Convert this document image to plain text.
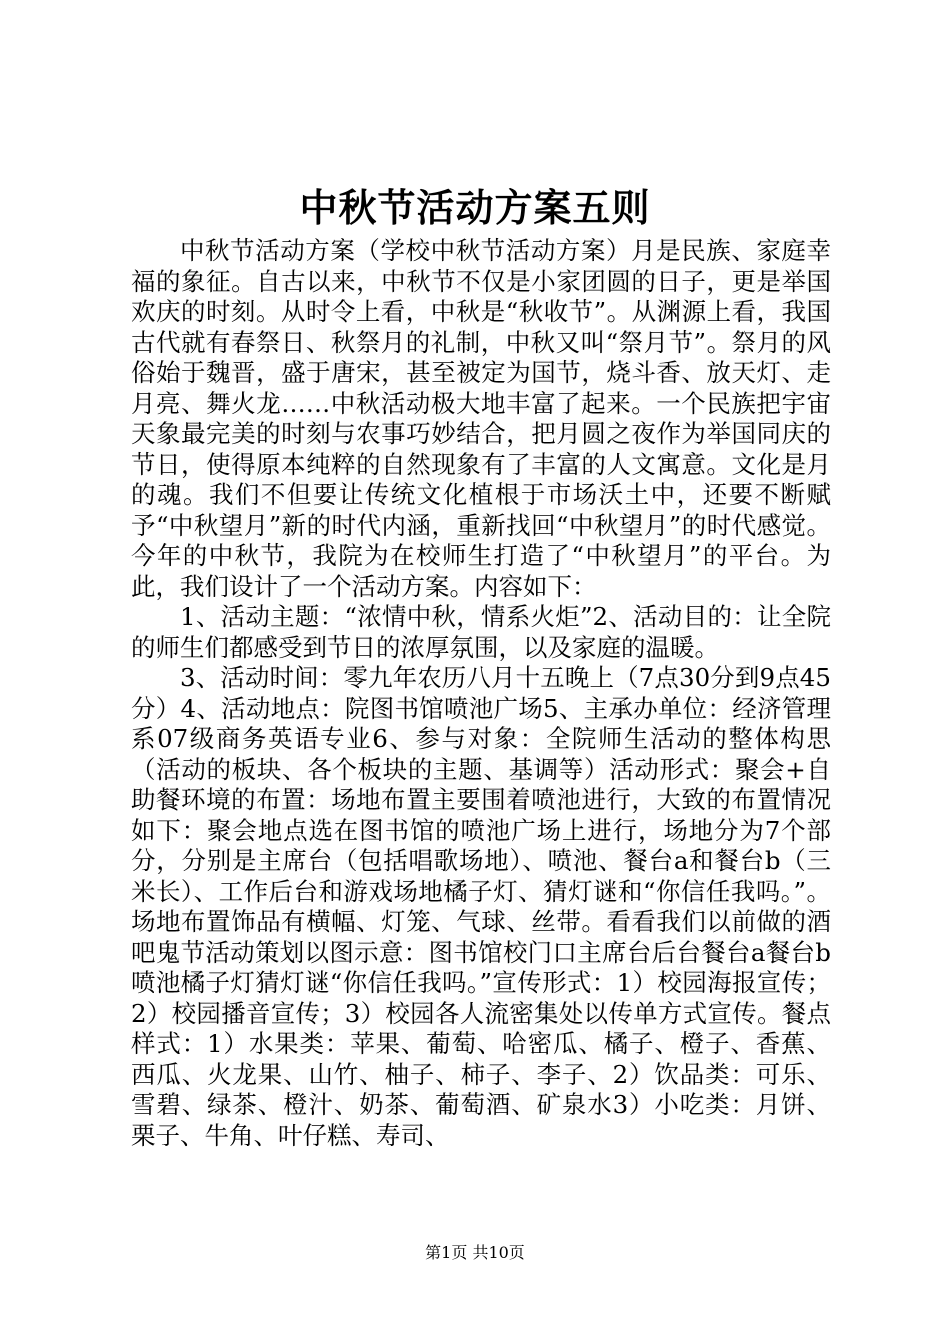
中秋节活动方案五则

中秋节活动方案（学校中秋节活动方案）月是民族、家庭幸福的象征。自古以来，中秋节不仅是小家团圆的日子，更是举国欢庆的时刻。从时令上看，中秋是“秋收节”。从渊源上看，我国古代就有春祭日、秋祭月的礼制，中秋又叫“祭月节”。祭月的风俗始于魏晋，盛于唐宋，甚至被定为国节，烧斗香、放天灯、走月亮、舞火龙……中秋活动极大地丰富了起来。一个民族把宇宙天象最完美的时刻与农事巧妙结合，把月圆之夜作为举国同庆的节日，使得原本纯粹的自然现象有了丰富的人文寓意。文化是月的魂。我们不但要让传统文化植根于市场沃土中，还要不断赋予“中秋望月”新的时代内涵，重新找回“中秋望月”的时代感觉。今年的中秋节，我院为在校师生打造了“中秋望月”的平台。为此，我们设计了一个活动方案。内容如下：

1、活动主题：“浓情中秋，情系火炬”2、活动目的：让全院的师生们都感受到节日的浓厚氛围，以及家庭的温暖。

3、活动时间：零九年农历八月十五晚上（7点30分到9点45分）4、活动地点：院图书馆喷池广场5、主承办单位：经济管理系07级商务英语专业6、参与对象：全院师生活动的整体构思（活动的板块、各个板块的主题、基调等）活动形式：聚会+自助餐环境的布置：场地布置主要围着喷池进行，大致的布置情况如下：聚会地点选在图书馆的喷池广场上进行，场地分为7个部分，分别是主席台（包括唱歌场地）、喷池、餐台a和餐台b（三米长）、工作后台和游戏场地橘子灯、猜灯谜和“你信任我吗。”。场地布置饰品有横幅、灯笼、气球、丝带。看看我们以前做的酒吧鬼节活动策划以图示意：图书馆校门口主席台后台餐台a餐台b喷池橘子灯猜灯谜“你信任我吗。”宣传形式：1）校园海报宣传；2）校园播音宣传；3）校园各人流密集处以传单方式宣传。餐点样式：1）水果类：苹果、葡萄、哈密瓜、橘子、橙子、香蕉、西瓜、火龙果、山竹、柚子、柿子、李子、2）饮品类：可乐、雪碧、绿茶、橙汁、奶茶、葡萄酒、矿泉水3）小吃类：月饼、栗子、牛角、叶仔糕、寿司、

第1页 共10页
